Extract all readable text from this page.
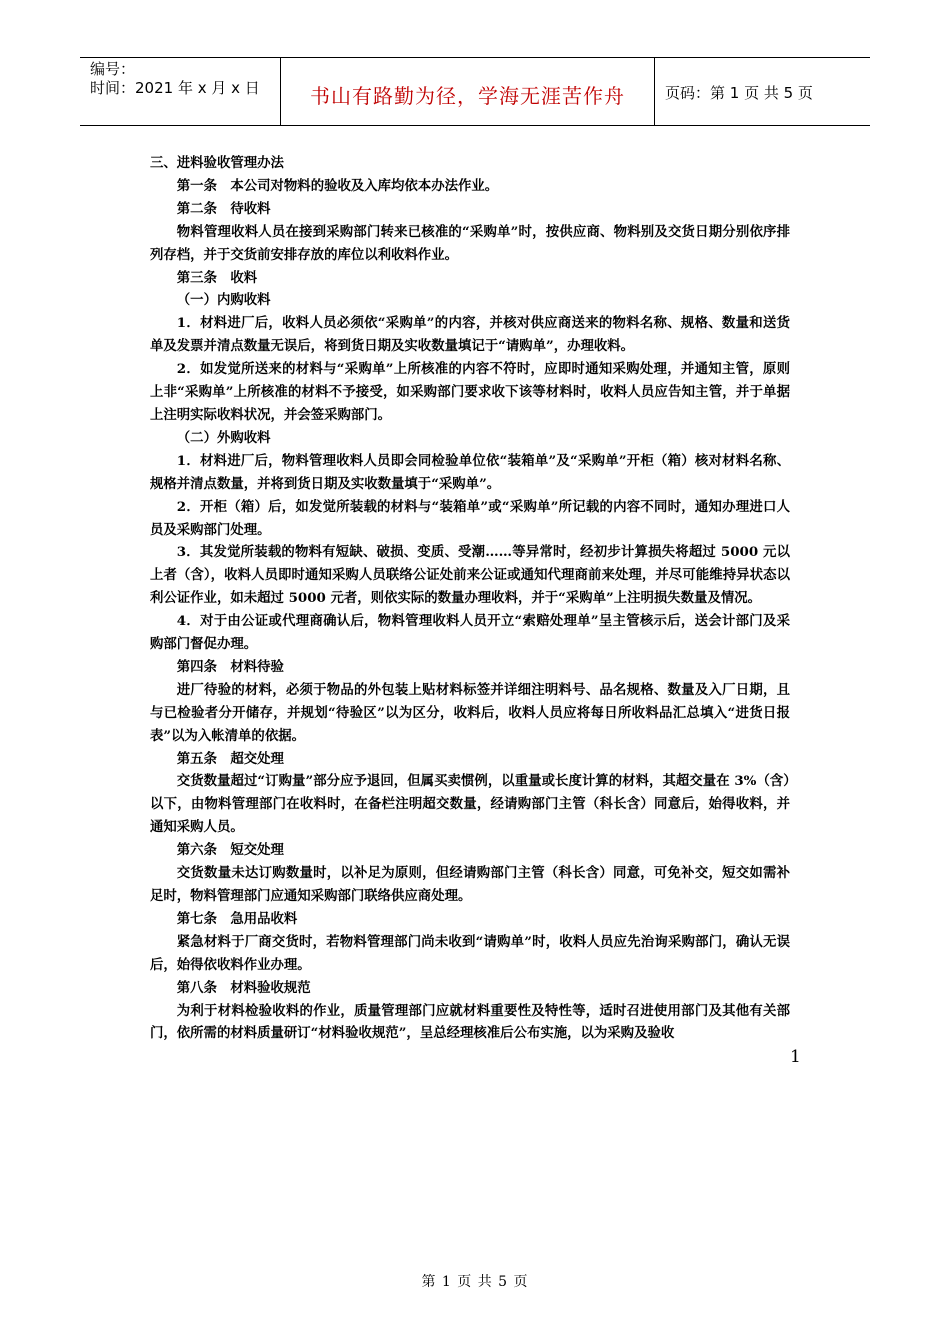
编号：
时间：2021 年 x 月 x 日	书山有路勤为径，学海无涯苦作舟	页码：第 1 页 共 5 页

三、进料验收管理办法

第一条　本公司对物料的验收及入库均依本办法作业。

第二条　待收料

物料管理收料人员在接到采购部门转来已核准的“采购单”时，按供应商、物料别及交货日期分别依序排列存档，并于交货前安排存放的库位以利收料作业。

第三条　收料

（一）内购收料

1．材料进厂后，收料人员必须依“采购单”的内容，并核对供应商送来的物料名称、规格、数量和送货单及发票并清点数量无误后，将到货日期及实收数量填记于“请购单”，办理收料。

2．如发觉所送来的材料与“采购单”上所核准的内容不符时，应即时通知采购处理，并通知主管，原则上非“采购单”上所核准的材料不予接受，如采购部门要求收下该等材料时，收料人员应告知主管，并于单据上注明实际收料状况，并会签采购部门。

（二）外购收料

1．材料进厂后，物料管理收料人员即会同检验单位依“装箱单”及“采购单”开柜（箱）核对材料名称、规格并清点数量，并将到货日期及实收数量填于“采购单”。

2．开柜（箱）后，如发觉所装载的材料与“装箱单”或“采购单”所记载的内容不同时，通知办理进口人员及采购部门处理。

3．其发觉所装载的物料有短缺、破损、变质、受潮……等异常时，经初步计算损失将超过 5000 元以上者（含），收料人员即时通知采购人员联络公证处前来公证或通知代理商前来处理，并尽可能维持异状态以利公证作业，如未超过 5000 元者，则依实际的数量办理收料，并于“采购单”上注明损失数量及情况。

4．对于由公证或代理商确认后，物料管理收料人员开立“索赔处理单”呈主管核示后，送会计部门及采购部门督促办理。

第四条　材料待验

进厂待验的材料，必须于物品的外包装上贴材料标签并详细注明料号、品名规格、数量及入厂日期，且与已检验者分开储存，并规划“待验区”以为区分，收料后，收料人员应将每日所收料品汇总填入“进货日报表”以为入帐清单的依据。

第五条　超交处理

交货数量超过“订购量”部分应予退回，但属买卖惯例，以重量或长度计算的材料，其超交量在 3%（含）以下，由物料管理部门在收料时，在备栏注明超交数量，经请购部门主管（科长含）同意后，始得收料，并通知采购人员。

第六条　短交处理

交货数量未达订购数量时，以补足为原则，但经请购部门主管（科长含）同意，可免补交，短交如需补足时，物料管理部门应通知采购部门联络供应商处理。

第七条　急用品收料

紧急材料于厂商交货时，若物料管理部门尚未收到“请购单”时，收料人员应先治询采购部门，确认无误后，始得依收料作业办理。

第八条　材料验收规范

为利于材料检验收料的作业，质量管理部门应就材料重要性及特性等，适时召进使用部门及其他有关部门，依所需的材料质量研订“材料验收规范”，呈总经理核准后公布实施，以为采购及验收

1
第 1 页 共 5 页
